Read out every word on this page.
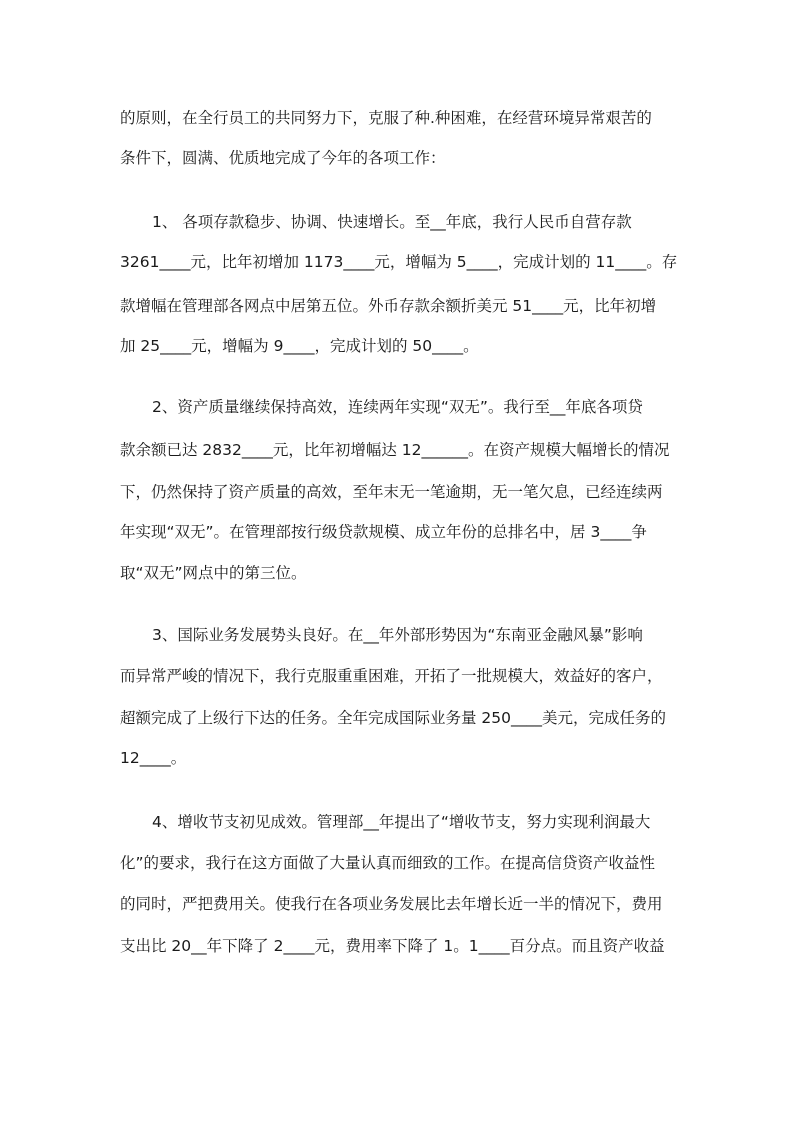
的原则，在全行员工的共同努力下，克服了种.种困难，在经营环境异常艰苦的
条件下，圆满、优质地完成了今年的各项工作：
1、 各项存款稳步、协调、快速增长。至__年底，我行人民币自营存款
3261____元，比年初增加 1173____元，增幅为 5____，完成计划的 11____。存
款增幅在管理部各网点中居第五位。外币存款余额折美元 51____元，比年初增
加 25____元，增幅为 9____，完成计划的 50____。
2、资产质量继续保持高效，连续两年实现“双无”。我行至__年底各项贷
款余额已达 2832____元，比年初增幅达 12______。在资产规模大幅增长的情况
下，仍然保持了资产质量的高效，至年末无一笔逾期，无一笔欠息，已经连续两
年实现“双无”。在管理部按行级贷款规模、成立年份的总排名中，居 3____争
取“双无”网点中的第三位。
3、国际业务发展势头良好。在__年外部形势因为“东南亚金融风暴”影响
而异常严峻的情况下，我行克服重重困难，开拓了一批规模大，效益好的客户，
超额完成了上级行下达的任务。全年完成国际业务量 250____美元，完成任务的
12____。
4、增收节支初见成效。管理部__年提出了“增收节支，努力实现利润最大
化”的要求，我行在这方面做了大量认真而细致的工作。在提高信贷资产收益性
的同时，严把费用关。使我行在各项业务发展比去年增长近一半的情况下，费用
支出比 20__年下降了 2____元，费用率下降了 1。1____百分点。而且资产收益
